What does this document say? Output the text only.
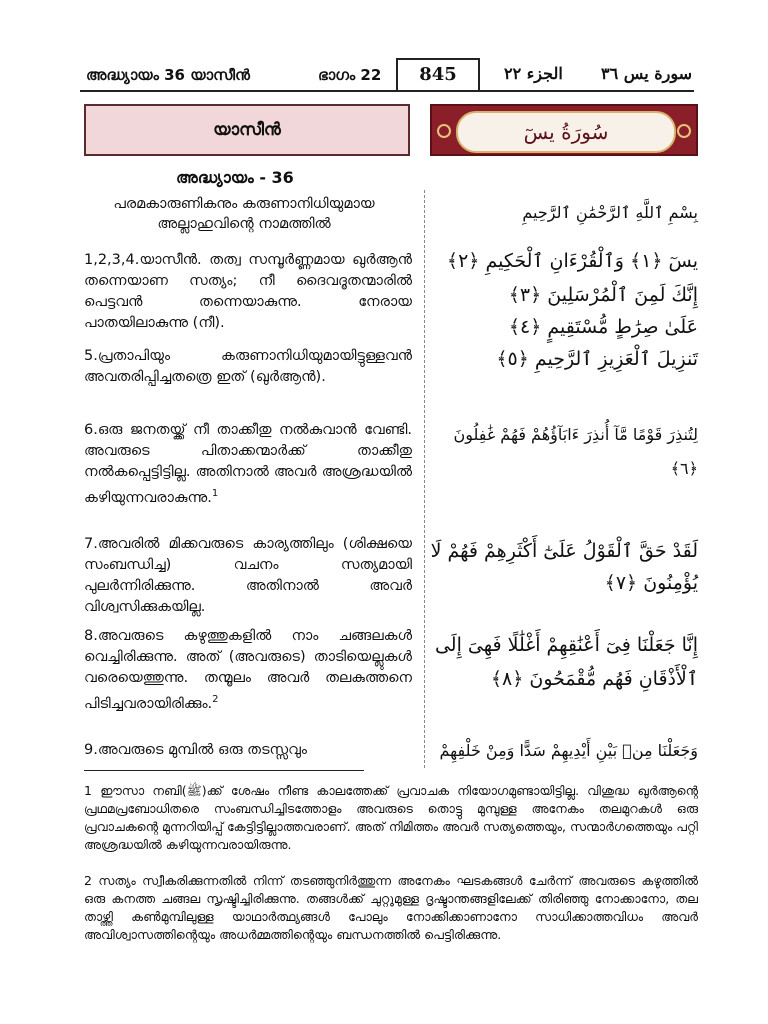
അദ്ധ്യായം 36 യാസീൻ	ഭാഗം 22	845	الجزء ٢٢ سورة يس ٣٦
യാസീൻ	سُورَةُ يسٓ
അദ്ധ്യായം - 36
പരമകാരുണികനും കരുണാനിധിയുമായ
അല്ലാഹുവിന്റെ നാമത്തിൽ
1,2,3,4.യാസീൻ. തത്വ സമ്പൂർണ്ണമായ ഖുർആൻ തന്നെയാണ സത്യം; നീ ദൈവദൂതന്മാരിൽ പെട്ടവൻ തന്നെയാകുന്നു. നേരായ പാതയിലാകുന്നു (നീ).
5.പ്രതാപിയും കരുണാനിധിയുമായിട്ടുള്ളവൻ അവതരിപ്പിച്ചതത്രെ ഇത് (ഖുർആൻ).
6.ഒരു ജനതയ്ക്ക് നീ താക്കീതു നൽകുവാൻ വേണ്ടി. അവരുടെ പിതാക്കന്മാർക്ക് താക്കീതു നൽകപ്പെട്ടിട്ടില്ല. അതിനാൽ അവർ അശ്രദ്ധയിൽ കഴിയുന്നവരാകുന്നു.$^1$
7.അവരിൽ മിക്കവരുടെ കാര്യത്തിലും (ശിക്ഷയെ സംബന്ധിച്ച) വചനം സത്യമായി പുലർന്നിരിക്കുന്നു. അതിനാൽ അവർ വിശ്വസിക്കുകയില്ല.
8.അവരുടെ കഴുത്തുകളിൽ നാം ചങ്ങലകൾ വെച്ചിരിക്കുന്നു. അത് (അവരുടെ) താടിയെല്ലുകൾ വരെയെത്തുന്നു. തന്മൂലം അവർ തലകുത്തനെ പിടിച്ചവരായിരിക്കും.$^2$
9.അവരുടെ മുമ്പിൽ ഒരു തടസ്സവും
بِسْمِ ٱللَّهِ ٱلرَّحْمَٰنِ ٱلرَّحِيمِ
يسٓ ﴿١﴾ وَٱلْقُرْءَانِ ٱلْحَكِيمِ ﴿٢﴾
إِنَّكَ لَمِنَ ٱلْمُرْسَلِينَ ﴿٣﴾
عَلَىٰ صِرَٰطٍ مُّسْتَقِيمٍ ﴿٤﴾
تَنزِيلَ ٱلْعَزِيزِ ٱلرَّحِيمِ ﴿٥﴾
لِتُنذِرَ قَوْمًا مَّآ أُنذِرَ ءَابَآؤُهُمْ فَهُمْ غَٰفِلُونَ ﴿٦﴾
لَقَدْ حَقَّ ٱلْقَوْلُ عَلَىٰٓ أَكْثَرِهِمْ فَهُمْ لَا
يُؤْمِنُونَ ﴿٧﴾
إِنَّا جَعَلْنَا فِىٓ أَعْنَٰقِهِمْ أَغْلَٰلًا فَهِىَ إِلَى
ٱلْأَذْقَانِ فَهُم مُّقْمَحُونَ ﴿٨﴾
وَجَعَلْنَا مِنۢ بَيْنِ أَيْدِيهِمْ سَدًّا وَمِنْ خَلْفِهِمْ
1 ഈസാ നബി(ﷺ)ക്ക് ശേഷം നീണ്ട കാലത്തേക്ക് പ്രവാചക നിയോഗമുണ്ടായിട്ടില്ല. വിശുദ്ധ ഖുർആന്റെ പ്രഥമപ്രബോധിതരെ സംബന്ധിച്ചിടത്തോളം അവരുടെ തൊട്ടു മുമ്പുള്ള അനേകം തലമുറകൾ ഒരു പ്രവാചകന്റെ മുന്നറിയിപ്പ് കേട്ടിട്ടില്ലാത്തവരാണ്. അത് നിമിത്തം അവർ സത്യത്തെയും, സന്മാർഗത്തെയും പറ്റി അശ്രദ്ധയിൽ കഴിയുന്നവരായിരുന്നു.
2 സത്യം സ്വീകരിക്കുന്നതിൽ നിന്ന് തടഞ്ഞുനിർത്തുന്ന അനേകം ഘടകങ്ങൾ ചേർന്ന് അവരുടെ കഴുത്തിൽ ഒരു കനത്ത ചങ്ങല സൃഷ്ടിച്ചിരിക്കുന്നു. തങ്ങൾക്ക് ചുറ്റുമുള്ള ദൃഷ്ടാന്തങ്ങളിലേക്ക് തിരിഞ്ഞു നോക്കാനോ, തല താഴ്ത്തി കൺമുമ്പിലുള്ള യാഥാർത്ഥ്യങ്ങൾ പോലും നോക്കിക്കാണാനോ സാധിക്കാത്തവിധം അവർ അവിശ്വാസത്തിന്റെയും അധർമ്മത്തിന്റെയും ബന്ധനത്തിൽ പെട്ടിരിക്കുന്നു.
